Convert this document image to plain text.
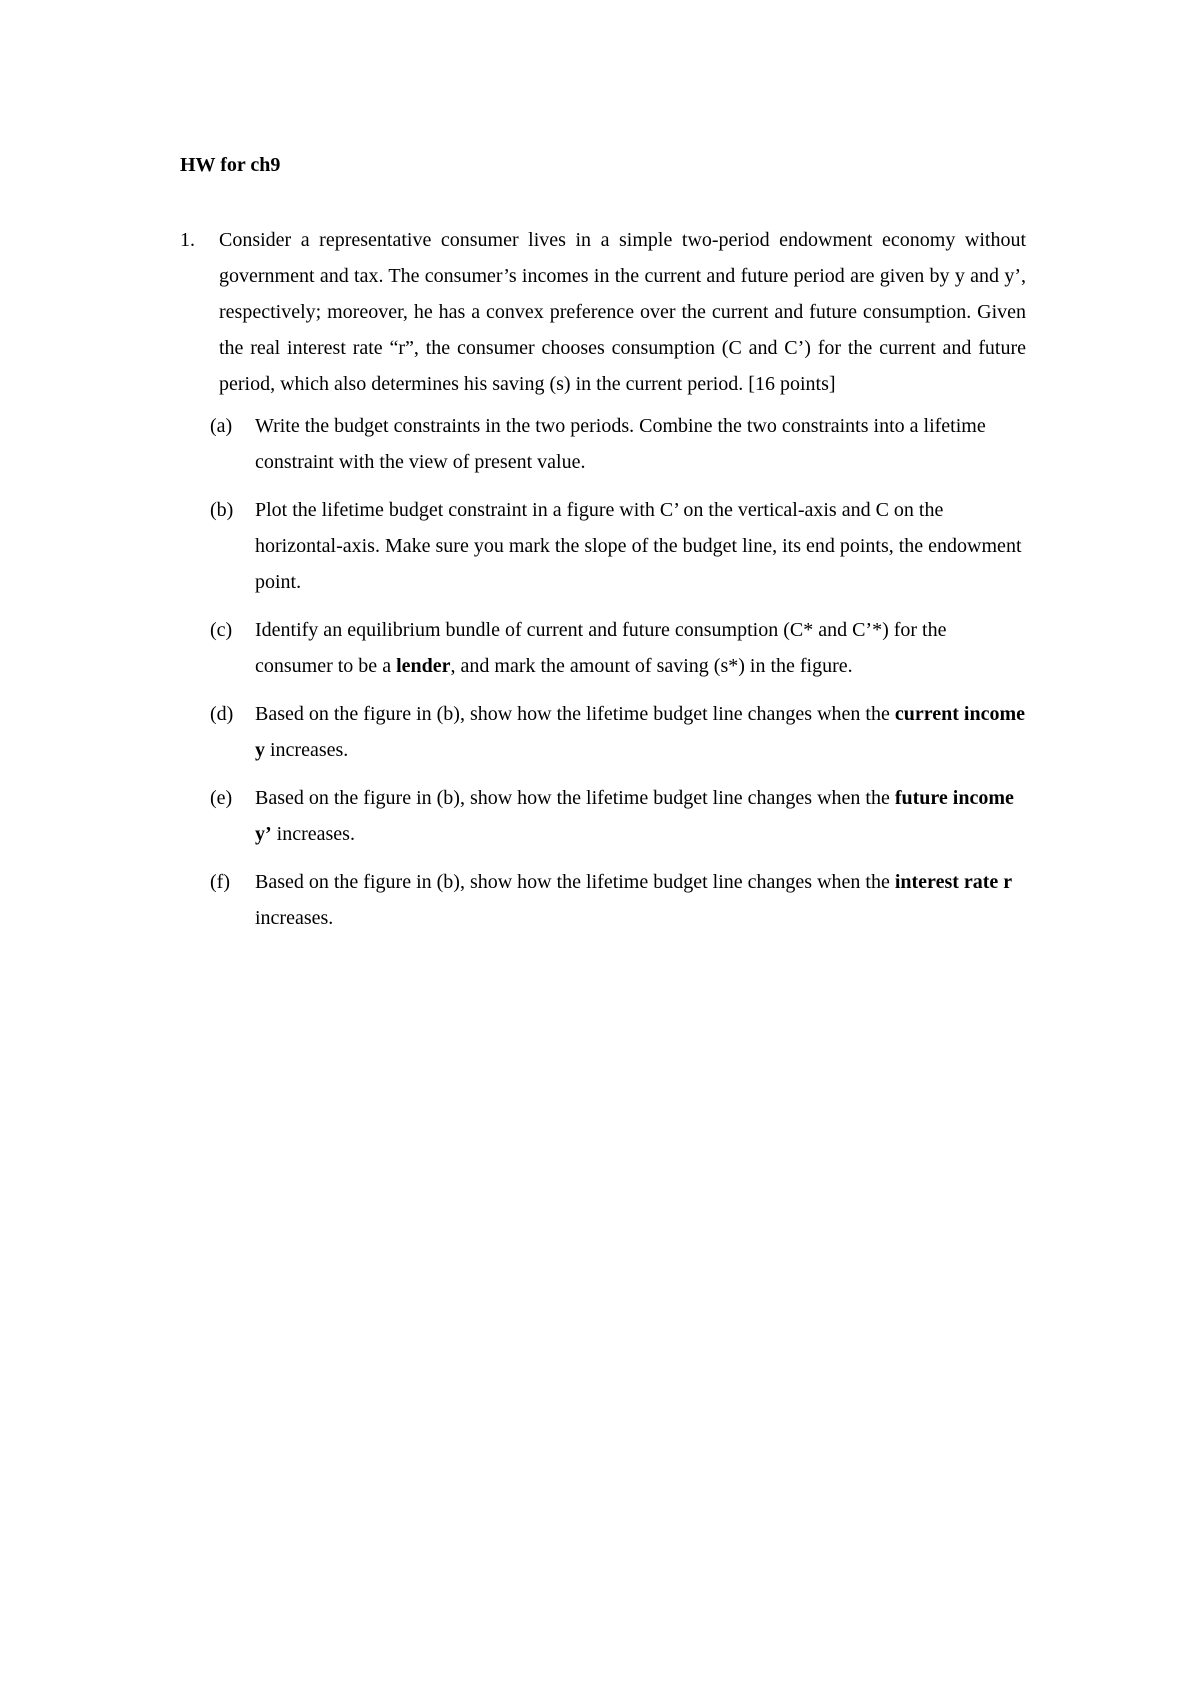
HW for ch9
1. Consider a representative consumer lives in a simple two-period endowment economy without government and tax. The consumer’s incomes in the current and future period are given by y and y’, respectively; moreover, he has a convex preference over the current and future consumption. Given the real interest rate “r”, the consumer chooses consumption (C and C’) for the current and future period, which also determines his saving (s) in the current period. [16 points]

(a) Write the budget constraints in the two periods. Combine the two constraints into a lifetime constraint with the view of present value.
(b) Plot the lifetime budget constraint in a figure with C’ on the vertical-axis and C on the horizontal-axis. Make sure you mark the slope of the budget line, its end points, the endowment point.
(c) Identify an equilibrium bundle of current and future consumption (C* and C’*) for the consumer to be a lender, and mark the amount of saving (s*) in the figure.
(d) Based on the figure in (b), show how the lifetime budget line changes when the current income y increases.
(e) Based on the figure in (b), show how the lifetime budget line changes when the future income y’ increases.
(f) Based on the figure in (b), show how the lifetime budget line changes when the interest rate r increases.
